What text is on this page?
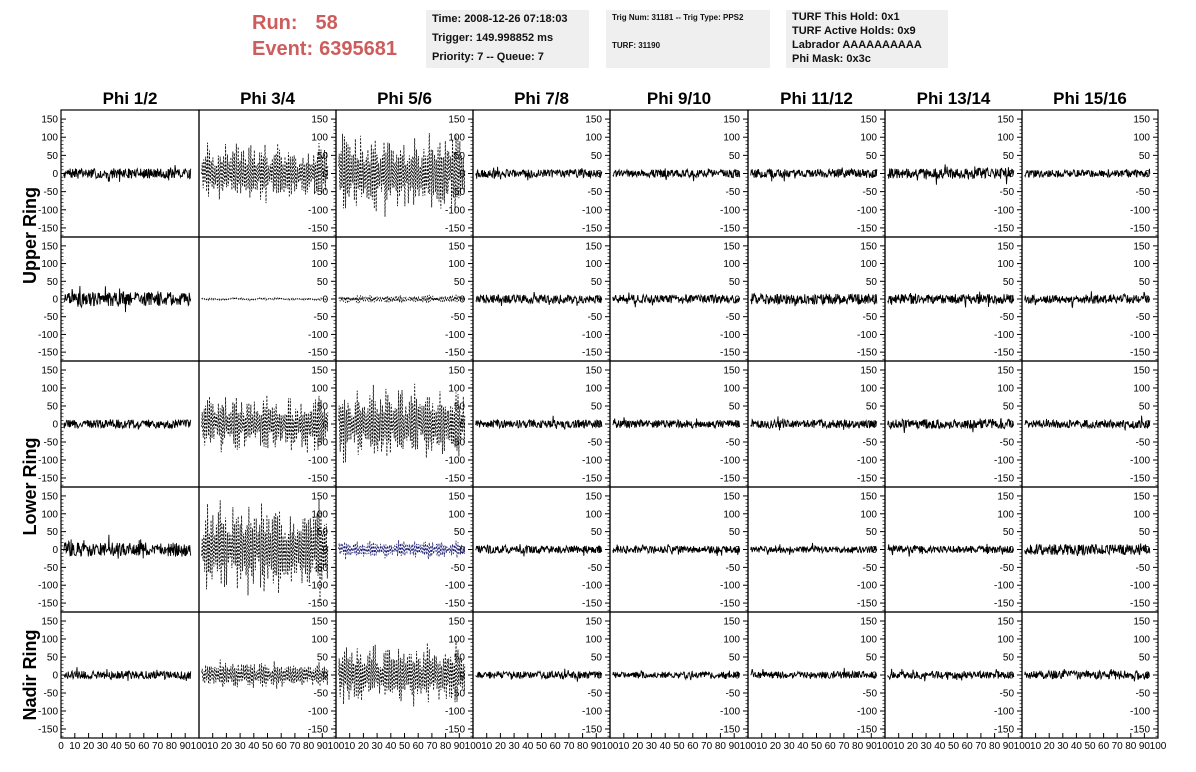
Run: 58
Event: 6395681
Time: 2008-12-26 07:18:03
Trigger: 149.998852 ms
Priority: 7 -- Queue: 7
Trig Num: 31181 -- Trig Type: PPS2
TURF: 31190
TURF This Hold: 0x1
TURF Active Holds: 0x9
Labrador AAAAAAAAAA
Phi Mask: 0x3c
Phi 1/2	Phi 3/4	Phi 5/6	Phi 7/8	Phi 9/10	Phi 11/12	Phi 13/14	Phi 15/16
Upper Ring
Lower Ring
Nadir Ring
150
100
50
0
-50
-100
-150
150
100
50
0
-50
-100
-150
150
100
50
0
-50
-100
-150
150
100
50
0
-50
-100
-150
150
100
50
0
-50
-100
-150
150
100
50
0
-50
-100
-150
150
100
50
0
-50
-100
-150
150
100
50
0
-50
-100
-150
150
100
50
0
-50
-100
-150
150
100
50
0
-50
-100
-150
150
100
50
0
-50
-100
-150
150
100
50
0
-50
-100
-150
150
100
50
0
-50
-100
-150
150
100
50
0
-50
-100
-150
150
100
50
0
-50
-100
-150
150
100
50
0
-50
-100
-150
150
100
50
0
-50
-100
-150
150
100
50
0
-50
-100
-150
150
100
50
0
-50
-100
-150
150
100
50
0
-50
-100
-150
150
100
50
0
-50
-100
-150
150
100
50
0
-50
-100
-150
150
100
50
0
-50
-100
-150
150
100
50
0
-50
-100
-150
150
100
50
0
-50
-100
-150
150
100
50
0
-50
-100
-150
150
100
50
0
-50
-100
-150
150
100
50
0
-50
-100
-150
150
100
50
0
-50
-100
-150
150
100
50
0
-50
-100
-150
150
100
50
0
-50
-100
-150
150
100
50
0
-50
-100
-150
150
100
50
0
-50
-100
-150
0 10 20 30 40 50 60 70 80 90 100
150
100
50
0
-50
-100
-150
10 20 30 40 50 60 70 80 90 100
150
100
50
0
-50
-100
-150
10 20 30 40 50 60 70 80 90 100
150
100
50
0
-50
-100
-150
10 20 30 40 50 60 70 80 90 100
150
100
50
0
-50
-100
-150
10 20 30 40 50 60 70 80 90 100
150
100
50
0
-50
-100
-150
10 20 30 40 50 60 70 80 90 100
150
100
50
0
-50
-100
-150
10 20 30 40 50 60 70 80 90 100
150
100
50
0
-50
-100
-150
10 20 30 40 50 60 70 80 90 100
